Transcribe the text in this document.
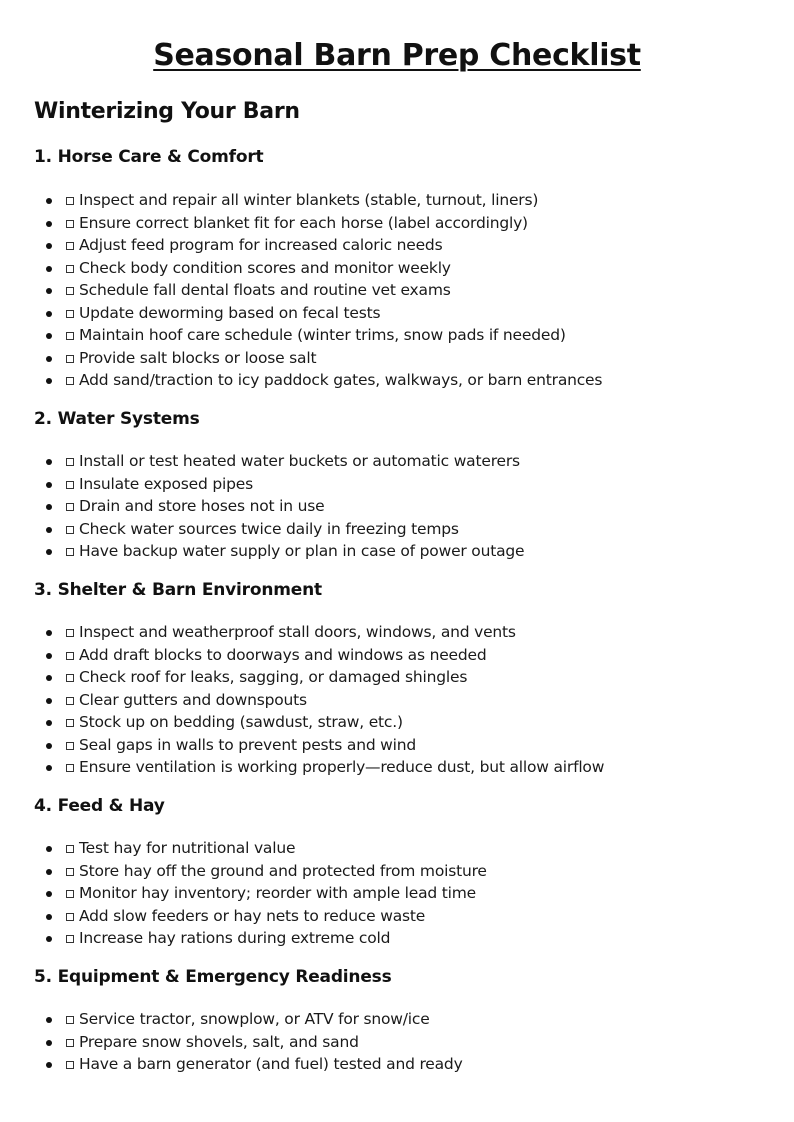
Seasonal Barn Prep Checklist
Winterizing Your Barn
1. Horse Care & Comfort
Inspect and repair all winter blankets (stable, turnout, liners)
Ensure correct blanket fit for each horse (label accordingly)
Adjust feed program for increased caloric needs
Check body condition scores and monitor weekly
Schedule fall dental floats and routine vet exams
Update deworming based on fecal tests
Maintain hoof care schedule (winter trims, snow pads if needed)
Provide salt blocks or loose salt
Add sand/traction to icy paddock gates, walkways, or barn entrances
2. Water Systems
Install or test heated water buckets or automatic waterers
Insulate exposed pipes
Drain and store hoses not in use
Check water sources twice daily in freezing temps
Have backup water supply or plan in case of power outage
3. Shelter & Barn Environment
Inspect and weatherproof stall doors, windows, and vents
Add draft blocks to doorways and windows as needed
Check roof for leaks, sagging, or damaged shingles
Clear gutters and downspouts
Stock up on bedding (sawdust, straw, etc.)
Seal gaps in walls to prevent pests and wind
Ensure ventilation is working properly—reduce dust, but allow airflow
4. Feed & Hay
Test hay for nutritional value
Store hay off the ground and protected from moisture
Monitor hay inventory; reorder with ample lead time
Add slow feeders or hay nets to reduce waste
Increase hay rations during extreme cold
5. Equipment & Emergency Readiness
Service tractor, snowplow, or ATV for snow/ice
Prepare snow shovels, salt, and sand
Have a barn generator (and fuel) tested and ready
